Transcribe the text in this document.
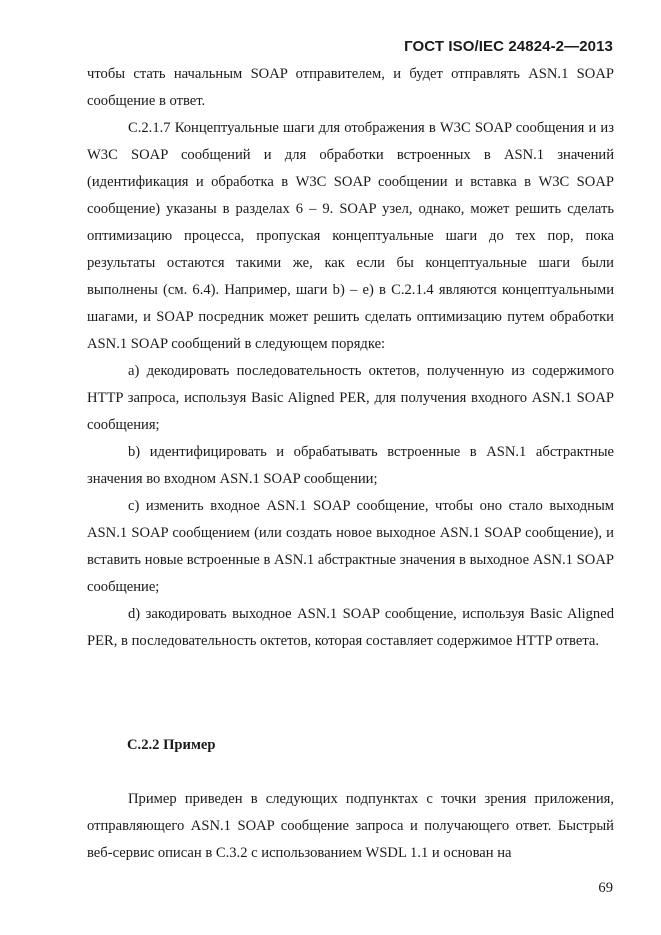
ГОСТ ISO/IEC 24824-2—2013

чтобы стать начальным SOAP отправителем, и будет отправлять ASN.1 SOAP сообщение в ответ.

С.2.1.7 Концептуальные шаги для отображения в W3C SOAP сообщения и из W3C SOAP сообщений и для обработки встроенных в ASN.1 значений (идентификация и обработка в W3C SOAP сообщении и вставка в W3C SOAP сообщение) указаны в разделах 6 – 9. SOAP узел, однако, может решить сделать оптимизацию процесса, пропуская концептуальные шаги до тех пор, пока результаты остаются такими же, как если бы концептуальные шаги были выполнены (см. 6.4). Например, шаги b) – e) в С.2.1.4 являются концептуальными шагами, и SOAP посредник может решить сделать оптимизацию путем обработки ASN.1 SOAP сообщений в следующем порядке:

a) декодировать последовательность октетов, полученную из содержимого HTTP запроса, используя Basic Aligned PER, для получения входного ASN.1 SOAP сообщения;

b) идентифицировать и обрабатывать встроенные в ASN.1 абстрактные значения во входном ASN.1 SOAP сообщении;

c) изменить входное ASN.1 SOAP сообщение, чтобы оно стало выходным ASN.1 SOAP сообщением (или создать новое выходное ASN.1 SOAP сообщение), и вставить новые встроенные в ASN.1 абстрактные значения в выходное ASN.1 SOAP сообщение;

d) закодировать выходное ASN.1 SOAP сообщение, используя Basic Aligned PER, в последовательность октетов, которая составляет содержимое HTTP ответа.

С.2.2 Пример

Пример приведен в следующих подпунктах с точки зрения приложения, отправляющего ASN.1 SOAP сообщение запроса и получающего ответ. Быстрый веб-сервис описан в С.3.2 с использованием WSDL 1.1 и основан на

69
